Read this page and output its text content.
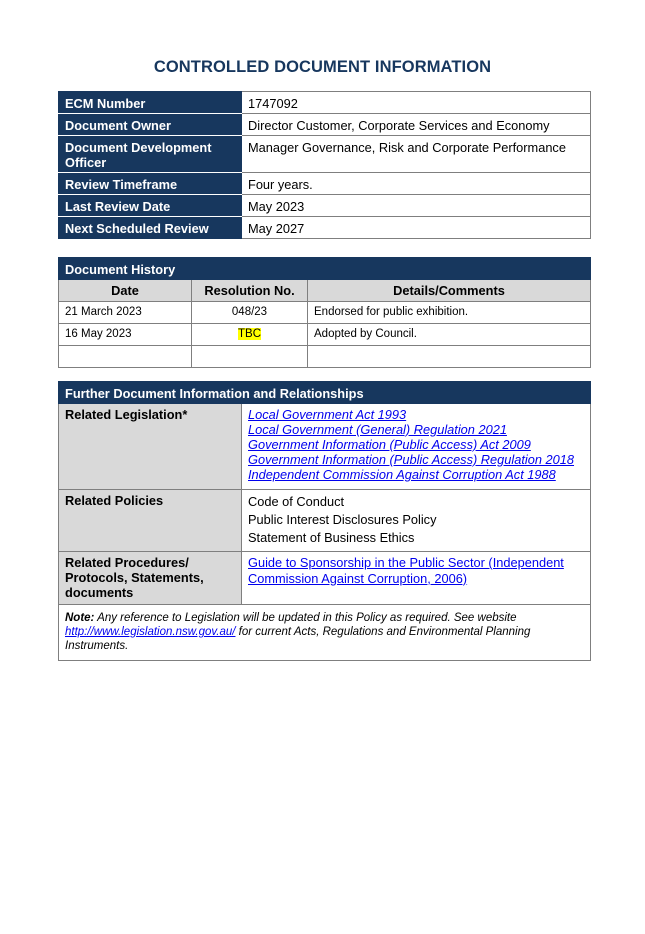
CONTROLLED DOCUMENT INFORMATION
ECM Number	1747092
Document Owner	Director Customer, Corporate Services and Economy
Document Development Officer	Manager Governance, Risk and Corporate Performance
Review Timeframe	Four years.
Last Review Date	May 2023
Next Scheduled Review	May 2027
Document History		
Date	Resolution No.	Details/Comments
21 March 2023	048/23	Endorsed for public exhibition.
16 May 2023	TBC	Adopted by Council.

Further Document Information and Relationships	
Related Legislation*	Local Government Act 1993
Local Government (General) Regulation 2021
Government Information (Public Access) Act 2009
Government Information (Public Access) Regulation 2018
Independent Commission Against Corruption Act 1988

Related Policies	Code of Conduct
Public Interest Disclosures Policy
Statement of Business Ethics

Related Procedures/ Protocols, Statements, documents	Guide to Sponsorship in the Public Sector (Independent
Commission Against Corruption, 2006)

Note: Any reference to Legislation will be updated in this Policy as required. See website
http://www.legislation.nsw.gov.au/ for current Acts, Regulations and Environmental Planning
Instruments.	
